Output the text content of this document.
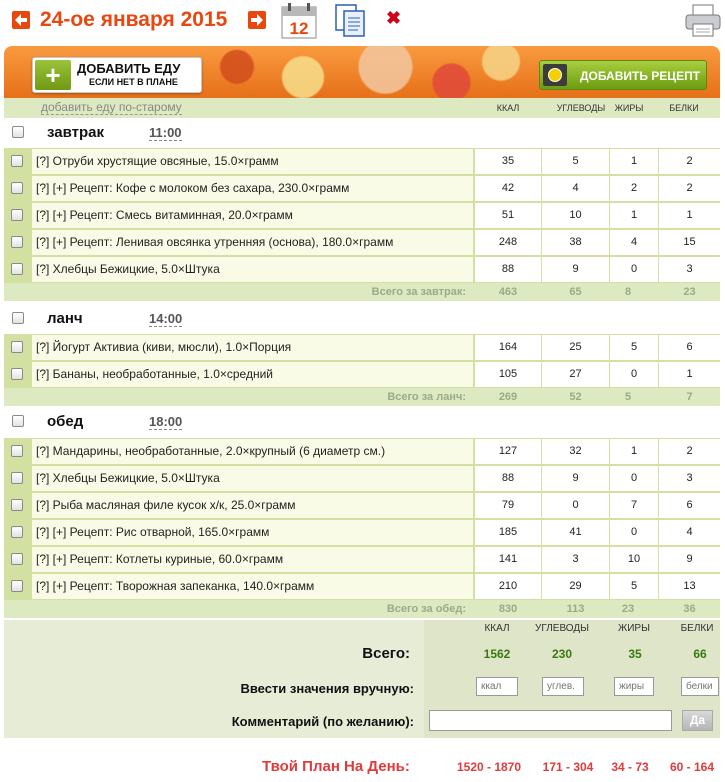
24-ое января 2015	12
✖
+	ДОБАВИТЬ ЕДУ
ЕСЛИ НЕТ В ПЛАНЕ	ДОБАВИТЬ РЕЦЕПТ
добавить еду по-старому	ККАЛ	УГЛЕВОДЫ	ЖИРЫ	БЕЛКИ
завтрак	11:00
[?] Отруби хрустящие овсяные, 15.0×грамм	35	5	1	2
[?] [+] Рецепт: Кофе с молоком без сахара, 230.0×грамм	42	4	2	2
[?] [+] Рецепт: Смесь витаминная, 20.0×грамм	51	10	1	1
[?] [+] Рецепт: Ленивая овсянка утренняя (основа), 180.0×грамм	248	38	4	15
[?] Хлебцы Бежицкие, 5.0×Штука	88	9	0	3
Всего за завтрак:	463	65	8	23
ланч	14:00
[?] Йогурт Активиа (киви, мюсли), 1.0×Порция	164	25	5	6
[?] Бананы, необработанные, 1.0×средний	105	27	0	1
Всего за ланч:	269	52	5	7
обед	18:00
[?] Мандарины, необработанные, 2.0×крупный (6 диаметр см.)	127	32	1	2
[?] Хлебцы Бежицкие, 5.0×Штука	88	9	0	3
[?] Рыба масляная филе кусок х/к, 25.0×грамм	79	0	7	6
[?] [+] Рецепт: Рис отварной, 165.0×грамм	185	41	0	4
[?] [+] Рецепт: Котлеты куриные, 60.0×грамм	141	3	10	9
[?] [+] Рецепт: Творожная запеканка, 140.0×грамм	210	29	5	13
Всего за обед:	830	113	23	36
ККАЛ	УГЛЕВОДЫ	ЖИРЫ	БЕЛКИ
Всего:	1562	230	35	66
Ввести значения вручную:
ккал
углев.
жиры
белки
Комментарий (по желанию):	Да
Твой План На День:	1520 - 1870	171 - 304	34 - 73	60 - 164
